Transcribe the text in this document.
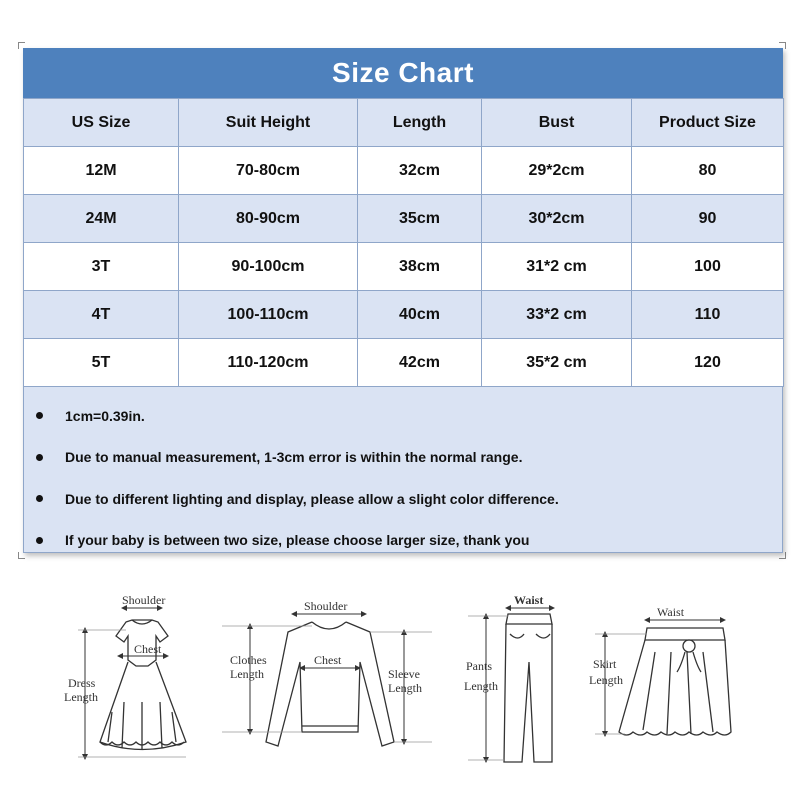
Size Chart
US Size	Suit Height	Length	Bust	Product Size
12M	70-80cm	32cm	29*2cm	80
24M	80-90cm	35cm	30*2cm	90
3T	90-100cm	38cm	31*2 cm	100
4T	100-110cm	40cm	33*2 cm	110
5T	110-120cm	42cm	35*2 cm	120
1cm=0.39in.
Due to manual measurement, 1-3cm error is within the normal range.
Due to different lighting and display, please allow a slight color difference.
If your baby is between two size, please choose larger size, thank you
Shoulder
Chest
Dress
Length
Shoulder
Chest
Clothes
Length	Sleeve
Length
Waist
Pants
Length
Waist
Skirt
Length
